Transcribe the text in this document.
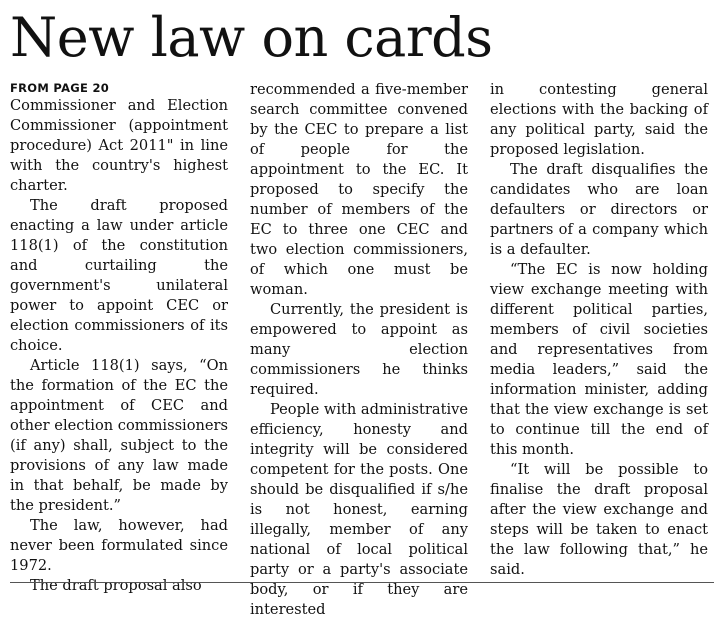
New law on cards
FROM PAGE 20

Commissioner and Election Commissioner (appointment procedure) Act 2011" in line with the country's highest charter.

The draft proposed enacting a law under article 118(1) of the constitution and curtailing the government's unilateral power to appoint CEC or election commissioners of its choice.

Article 118(1) says, “On the formation of the EC the appointment of CEC and other election commissioners (if any) shall, subject to the provisions of any law made in that behalf, be made by the president.”

The law, however, had never been formulated since 1972.

The draft proposal also

recommended a five-member search committee convened by the CEC to prepare a list of people for the appointment to the EC. It proposed to specify the number of members of the EC to three one CEC and two election commissioners, of which one must be woman.

Currently, the president is empowered to appoint as many election commissioners he thinks required.

People with administrative efficiency, honesty and integrity will be considered competent for the posts. One should be disqualified if s/he is not honest, earning illegally, member of any national of local political party or a party's associate body, or if they are interested

in contesting general elections with the backing of any political party, said the proposed legislation.

The draft disqualifies the candidates who are loan defaulters or directors or partners of a company which is a defaulter.

“The EC is now holding view exchange meeting with different political parties, members of civil societies and representatives from media leaders,” said the information minister, adding that the view exchange is set to continue till the end of this month.

“It will be possible to finalise the draft proposal after the view exchange and steps will be taken to enact the law following that,” he said.
